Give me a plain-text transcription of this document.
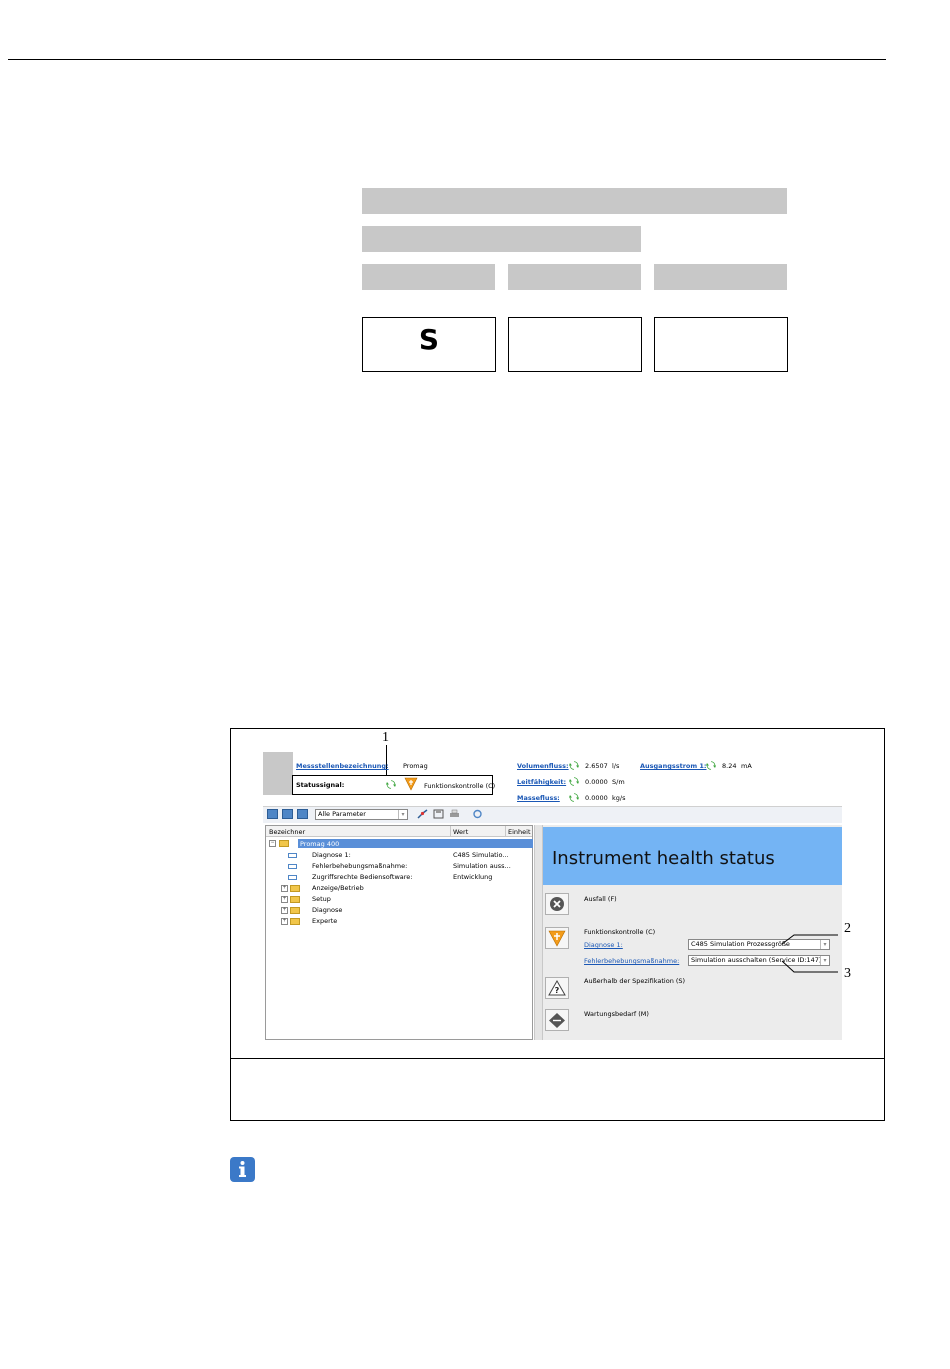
S
1
Messstellenbezeichnung: Promag
Statussignal:	Funktionskontrolle (C)
Volumenfluss:	2.6507 l/s
Leitfähigkeit:	0.0000 S/m
Massefluss:	0.0000 kg/s
Ausgangsstrom 1: 8.24 mA
Alle Parameter	▾
Bezeichner	Wert	Einheit
−	Promag 400
Diagnose 1:	C485 Simulatio...
Fehlerbehebungsmaßnahme:	Simulation auss...
Zugriffsrechte Bediensoftware:	Entwicklung
+	Anzeige/Betrieb
+	Setup
+	Diagnose
+	Experte
Instrument health status
Ausfall (F)
Funktionskontrolle (C)
Diagnose 1:	C485 Simulation Prozessgröße	▾
Fehlerbehebungsmaßnahme:	Simulation ausschalten (Service ID:147) ▾
?
Außerhalb der Spezifikation (S)
Wartungsbedarf (M)
2
3
